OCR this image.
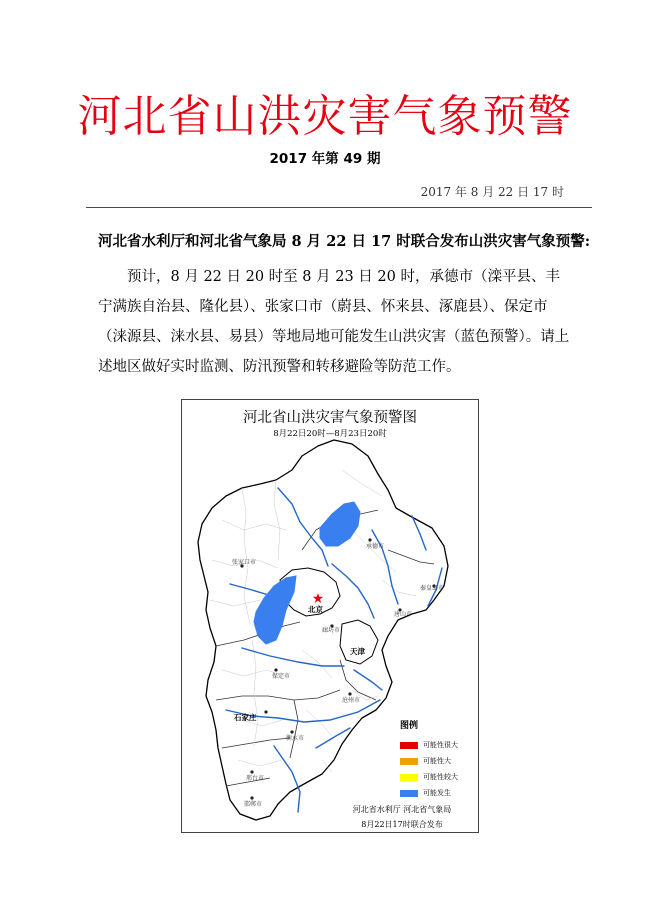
河北省山洪灾害气象预警
2017 年第 49 期
2017 年 8 月 22 日 17 时
河北省水利厅和河北省气象局 8 月 22 日 17 时联合发布山洪灾害气象预警:
预计，8 月 22 日 20 时至 8 月 23 日 20 时，承德市（滦平县、丰宁满族自治县、隆化县）、张家口市（蔚县、怀来县、涿鹿县）、保定市（涞源县、涞水县、易县）等地局地可能发生山洪灾害（蓝色预警）。请上述地区做好实时监测、防汛预警和转移避险等防范工作。
承德市
张家口市
秦皇岛市
北京
唐山市
廊坊市
天津
保定市
沧州市
石家庄
衡水市
邢台市
邯郸市
河北省山洪灾害气象预警图
8月22日20时—8月23日20时
图例
可能性很大
可能性大
可能性较大
可能发生
河北省水利厅 河北省气象局
8月22日17时联合发布
